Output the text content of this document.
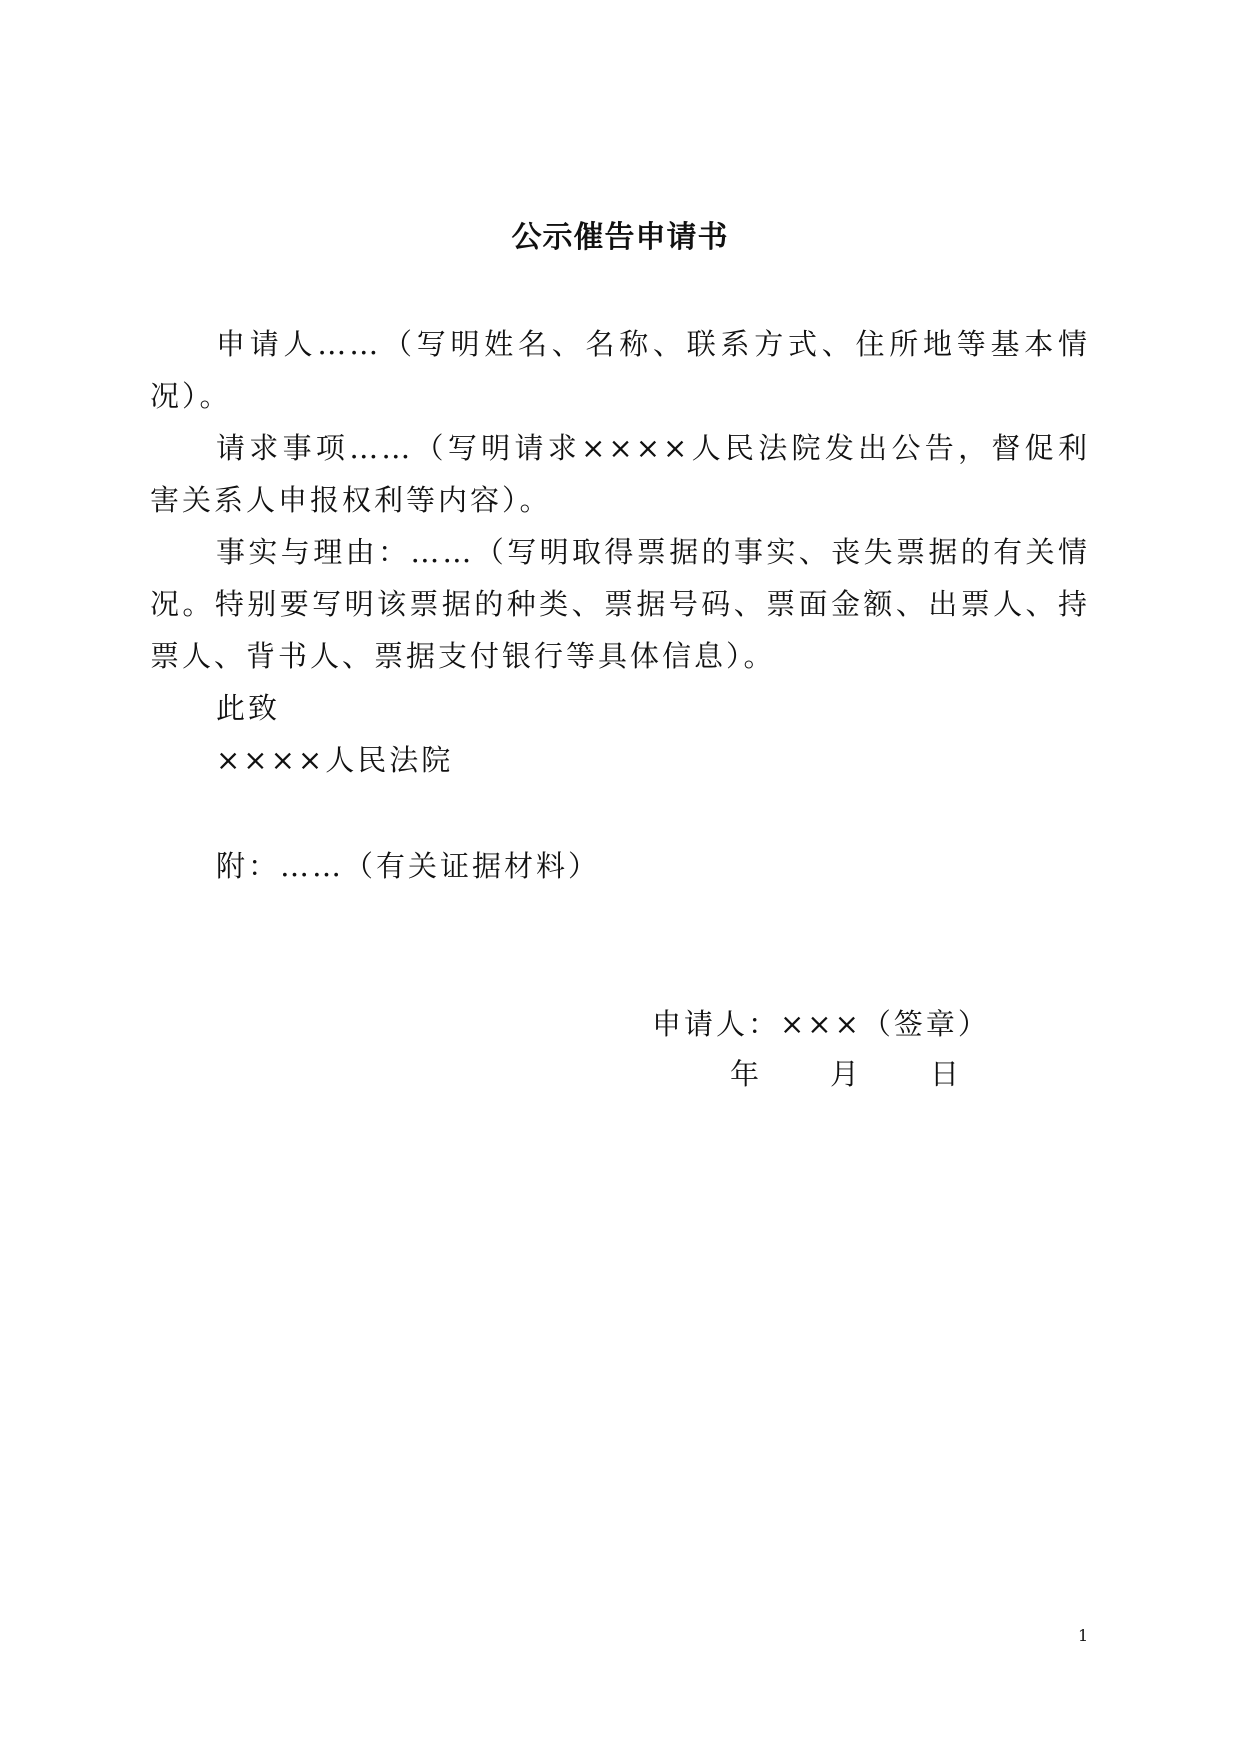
公示催告申请书

申请人……（写明姓名、名称、联系方式、住所地等基本情况）。

请求事项……（写明请求××××人民法院发出公告，督促利害关系人申报权利等内容）。

事实与理由：……（写明取得票据的事实、丧失票据的有关情况。特别要写明该票据的种类、票据号码、票面金额、出票人、持票人、背书人、票据支付银行等具体信息）。

此致

××××人民法院

附：……（有关证据材料）

申请人：×××（签章）

年 月 日

1
